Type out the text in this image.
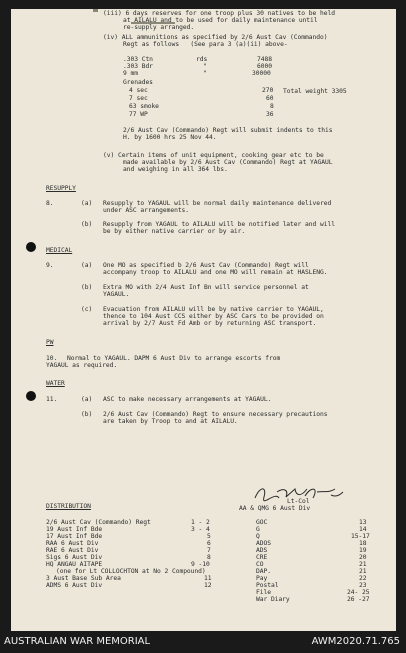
(iii) 6 days reserves for one troop plus 30 natives to be held
at AILALU and to be used for daily maintenance until
re-supply arranged.
(iv) ALL ammunitions as specified by 2/6 Aust Cav (Commando)
Regt as follows   (See para 3 (a)(ii) above-
.303 Ctn	rds	7488
.303 Bdr	"	6000
9 mm	"	30000
Grenades
4 sec	270
7 sec	60
63 smoke	8
77 WP	36
Total weight 3305
2/6 Aust Cav (Commando) Regt will submit indents to this
H. by 1600 hrs 25 Nov 44.
(v) Certain items of unit equipment, cooking gear etc to be
made available by 2/6 Aust Cav (Commando) Regt at YAGAUL
and weighing in all 364 lbs.
RESUPPLY
8.	(a) Resupply to YAGAUL will be normal daily maintenance delivered
under ASC arrangements.
(b) Resupply from YAGAUL to AILALU will be notified later and will
be by either native carrier or by air.
MEDICAL
9.	(a) One MO as specified b 2/6 Aust Cav (Commando) Regt will
accompany troop to AILALU and one MO will remain at HASLENG.
(b) Extra MO with 2/4 Aust Inf Bn will service personnel at
YAGAUL.
(c) Evacuation from AILALU will be by native carrier to YAGAUL,
thence to 104 Aust CCS either by ASC Cars to be provided on
arrival by 2/7 Aust Fd Amb or by returning ASC transport.
PW
10. Normal to YAGAUL. DAPM 6 Aust Div to arrange escorts from
YAGAUL as required.
WATER
11.	(a) ASC to make necessary arrangements at YAGAUL.
(b) 2/6 Aust Cav (Commando) Regt to ensure necessary precautions
are taken by Troop to and at AILALU.
Lt-Col
AA & QMG 6 Aust Div
DISTRIBUTION
2/6 Aust Cav (Commando) Regt	1 - 2
19 Aust Inf Bde	3 - 4
17 Aust Inf Bde	5
RAA 6 Aust Div	6
RAE 6 Aust Div	7
Sigs 6 Aust Div	8
HQ ANGAU AITAPE	9 -10
(one for Lt COLLOCHTON at No 2 Compound)
3 Aust Base Sub Area	11
ADMS 6 Aust Div	12
GOC	13
G	14
Q	15-17
ADOS	18
ADS	19
CRE	20
CO	21
DAP.	21
Pay	22
Postal	23
File	24- 25
War Diary	26 -27
AUSTRALIAN WAR MEMORIAL	AWM2020.71.765
